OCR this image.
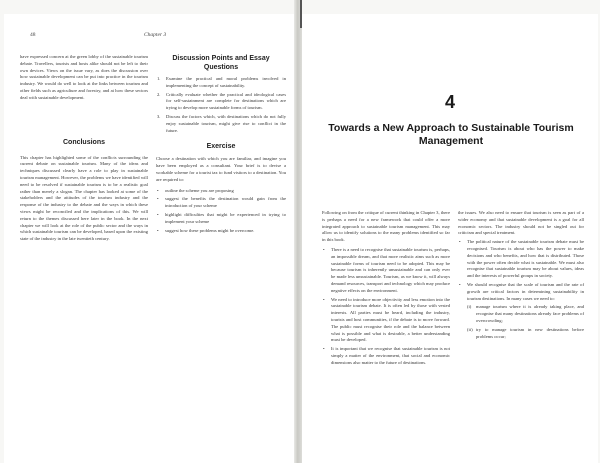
48	Chapter 3

have expressed concern at the green lobby of the sustainable tourism debate. Travellers, tourists and hosts alike should not be left to their own devices. Views on the issue vary, as does the discussion over how sustainable development can be put into practice in the tourism industry. We would do well to look at the links between tourism and other fields such as agriculture and forestry, and at how these sectors deal with sustainable development.

Conclusions

This chapter has highlighted some of the conflicts surrounding the current debate on sustainable tourism. Many of the ideas and techniques discussed clearly have a role to play in sustainable tourism management. However, the problems we have identified will need to be resolved if sustainable tourism is to be a realistic goal rather than merely a slogan. The chapter has looked at some of the stakeholders and the attitudes of the tourism industry and the response of the industry to the debate and the ways in which these views might be reconciled and the implications of this. We will return to the themes discussed here later in the book. In the next chapter we will look at the role of the public sector and the ways in which sustainable tourism can be developed, based upon the existing state of the industry in the late twentieth century.

Discussion Points and Essay Questions
1. Examine the practical and moral problems involved in implementing the concept of sustainability.
2. Critically evaluate whether the practical and ideological cases for self-sustainment are complete for destinations which are trying to develop more sustainable forms of tourism.
3. Discuss the factors which, with destinations which do not fully enjoy sustainable tourism, might give rise to conflict in the future.
Exercise

Choose a destination with which you are familiar, and imagine you have been employed as a consultant. Your brief is to devise a workable scheme for a tourist tax to fund visitors to a destination. You are required to:

• outline the scheme you are proposing
• suggest the benefits the destination would gain from the introduction of your scheme
• highlight difficulties that might be experienced in trying to implement your scheme
• suggest how these problems might be overcome.
4
Towards a New Approach to Sustainable Tourism Management

Following on from the critique of current thinking in Chapter 3, there is perhaps a need for a new framework that could offer a more integrated approach to sustainable tourism management. This may allow us to identify solutions to the many problems identified so far in this book.

• There is a need to recognise that sustainable tourism is, perhaps, an impossible dream, and that more realistic aims such as more sustainable forms of tourism need to be adopted. This may be because tourism is inherently unsustainable and can only ever be made less unsustainable. Tourism, as we know it, will always demand resources, transport and technology which may produce negative effects on the environment.
• We need to introduce more objectivity and less emotion into the sustainable tourism debate. It is often led by those with vested interests. All parties must be heard, including the industry, tourists and host communities, if the debate is to move forward. The public must recognise their role and the balance between what is possible and what is desirable, a better understanding must be developed.
• It is important that we recognise that sustainable tourism is not simply a matter of the environment, that social and economic dimensions also matter to the future of destinations.

the issues. We also need to ensure that tourism is seen as part of a wider economy and that sustainable development is a goal for all economic sectors. The industry should not be singled out for criticism and special treatment.

• The political nature of the sustainable tourism debate must be recognised. Tourism is about who has the power to make decisions and who benefits, and how that is distributed. Those with the power often decide what is sustainable. We must also recognise that sustainable tourism may be about values, ideas and the interests of powerful groups in society.
• We should recognise that the scale of tourism and the rate of growth are critical factors in determining sustainability in tourism destinations. In many cases we need to:
(i) manage tourism where it is already taking place, and recognise that many destinations already face problems of overcrowding;
(ii) try to manage tourism in new destinations before problems occur;
